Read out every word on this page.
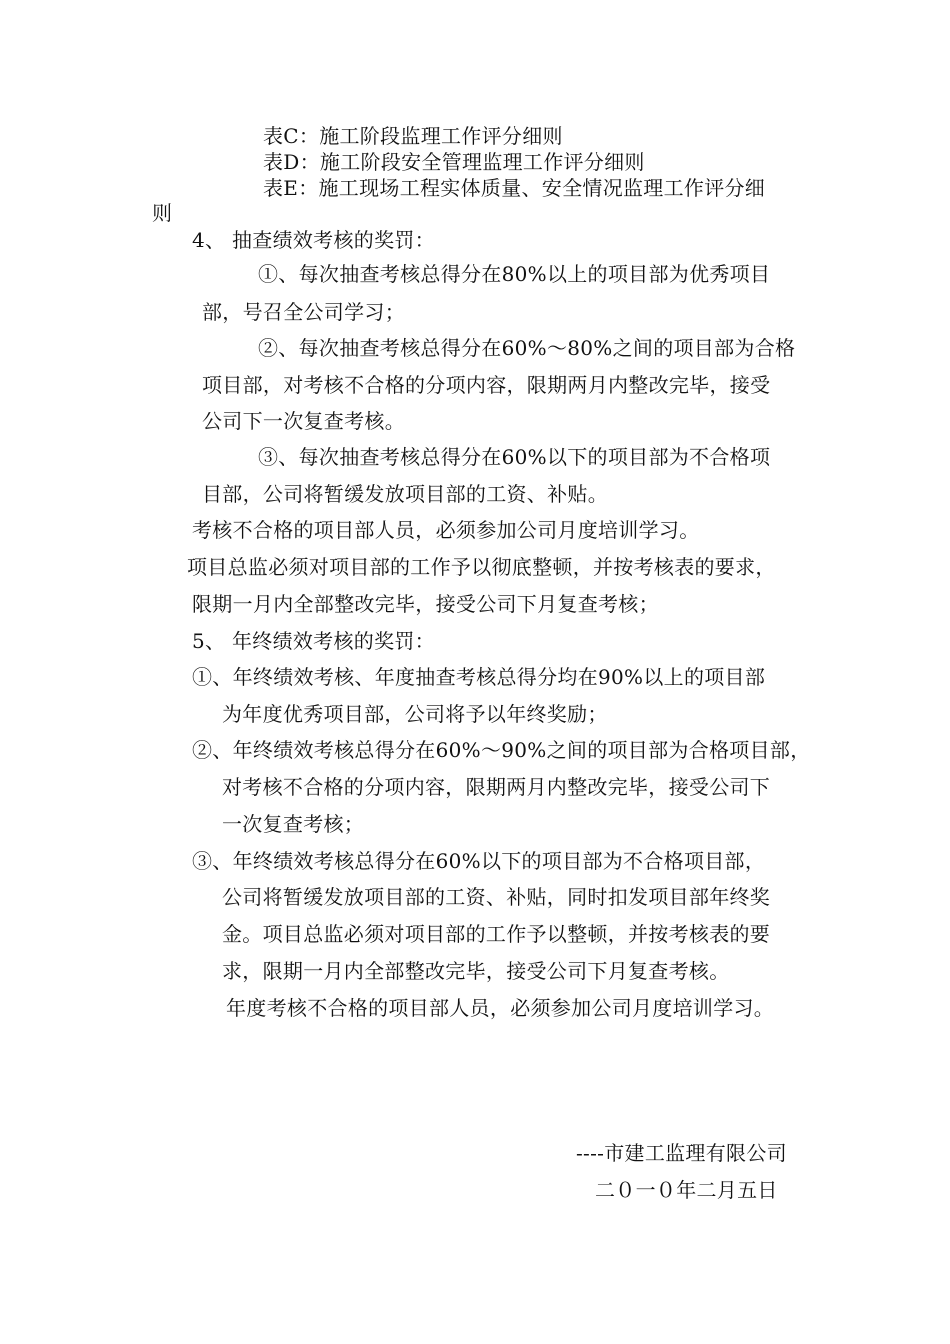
表C：施工阶段监理工作评分细则
表D：施工阶段安全管理监理工作评分细则
表E：施工现场工程实体质量、安全情况监理工作评分细
则
4、 抽查绩效考核的奖罚：
①、每次抽查考核总得分在80%以上的项目部为优秀项目
部，号召全公司学习；
②、每次抽查考核总得分在60%～80%之间的项目部为合格
项目部，对考核不合格的分项内容，限期两月内整改完毕，接受
公司下一次复查考核。
③、每次抽查考核总得分在60%以下的项目部为不合格项
目部，公司将暂缓发放项目部的工资、补贴。
考核不合格的项目部人员，必须参加公司月度培训学习。
项目总监必须对项目部的工作予以彻底整顿，并按考核表的要求，
限期一月内全部整改完毕，接受公司下月复查考核；
5、 年终绩效考核的奖罚：
①、年终绩效考核、年度抽查考核总得分均在90%以上的项目部
为年度优秀项目部，公司将予以年终奖励；
②、年终绩效考核总得分在60%～90%之间的项目部为合格项目部，
对考核不合格的分项内容，限期两月内整改完毕，接受公司下
一次复查考核；
③、年终绩效考核总得分在60%以下的项目部为不合格项目部，
公司将暂缓发放项目部的工资、补贴，同时扣发项目部年终奖
金。项目总监必须对项目部的工作予以整顿，并按考核表的要
求，限期一月内全部整改完毕，接受公司下月复查考核。
年度考核不合格的项目部人员，必须参加公司月度培训学习。
----市建工监理有限公司
二０一０年二月五日
